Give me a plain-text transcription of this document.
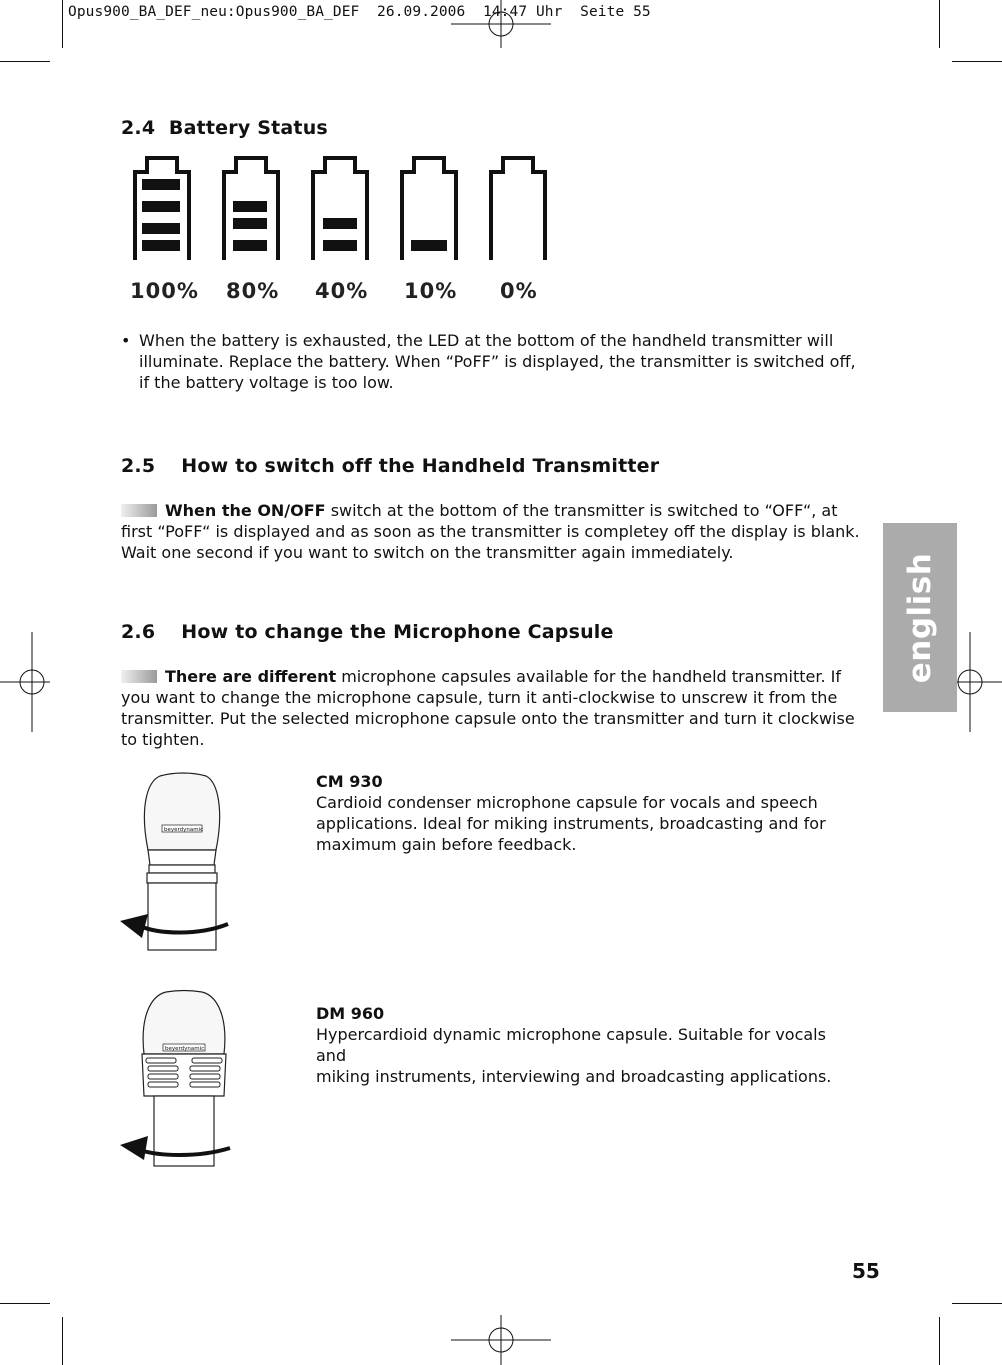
Opus900_BA_DEF_neu:Opus900_BA_DEF  26.09.2006  14:47 Uhr  Seite 55
2.4 Battery Status
100% 80% 40% 10% 0%
• When the battery is exhausted, the LED at the bottom of the handheld transmitter will
illuminate. Replace the battery. When “PoFF” is displayed, the transmitter is switched off,
if the battery voltage is too low.
2.5 How to switch off the Handheld Transmitter
When the ON/OFF switch at the bottom of the transmitter is switched to “OFF“, at
first “PoFF“ is displayed and as soon as the transmitter is completey off the display is blank.
Wait one second if you want to switch on the transmitter again immediately.
2.6 How to change the Microphone Capsule
There are different microphone capsules available for the handheld transmitter. If
you want to change the microphone capsule, turn it anti-clockwise to unscrew it from the
transmitter. Put the selected microphone capsule onto the transmitter and turn it clockwise
to tighten.
english
beyerdynamic
CM 930
Cardioid condenser microphone capsule for vocals and speech
applications. Ideal for miking instruments, broadcasting and for
maximum gain before feedback.
beyerdynamic
DM 960
Hypercardioid dynamic microphone capsule. Suitable for vocals and
miking instruments, interviewing and broadcasting applications.
55
